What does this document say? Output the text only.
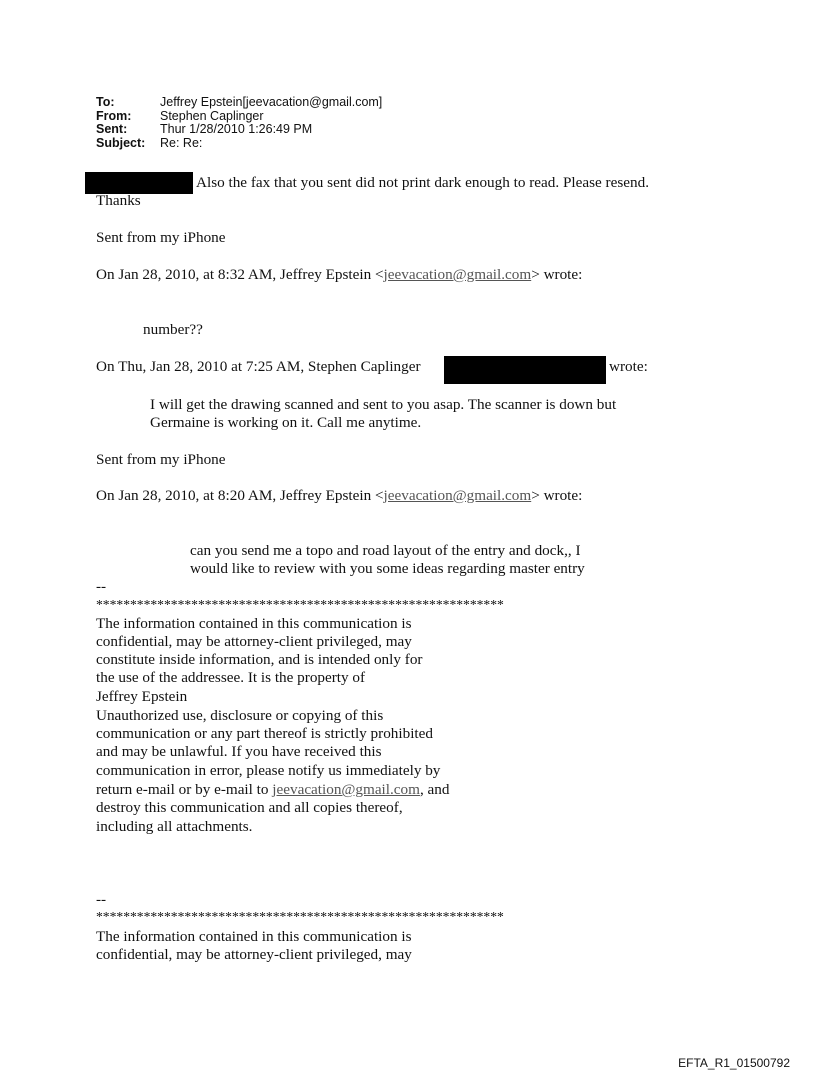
To:	Jeffrey Epstein[jeevacation@gmail.com]
From:	Stephen Caplinger
Sent:	Thur 1/28/2010 1:26:49 PM
Subject:	Re: Re:
Also the fax that you sent did not print dark enough to read. Please resend.
Thanks
Sent from my iPhone
On Jan 28, 2010, at 8:32 AM, Jeffrey Epstein <jeevacation@gmail.com> wrote:
number??
On Thu, Jan 28, 2010 at 7:25 AM, Stephen Caplinger	wrote:
I will get the drawing scanned and sent to you asap. The scanner is down but
Germaine is working on it. Call me anytime.
Sent from my iPhone
On Jan 28, 2010, at 8:20 AM, Jeffrey Epstein <jeevacation@gmail.com> wrote:
can you send me a topo and road layout of the entry and dock,, I
would like to review with you some ideas regarding master entry
--
************************************************************
The information contained in this communication is
confidential, may be attorney-client privileged, may
constitute inside information, and is intended only for
the use of the addressee. It is the property of
Jeffrey Epstein
Unauthorized use, disclosure or copying of this
communication or any part thereof is strictly prohibited
and may be unlawful. If you have received this
communication in error, please notify us immediately by
return e-mail or by e-mail to jeevacation@gmail.com, and
destroy this communication and all copies thereof,
including all attachments.
--
************************************************************
The information contained in this communication is
confidential, may be attorney-client privileged, may
EFTA_R1_01500792
